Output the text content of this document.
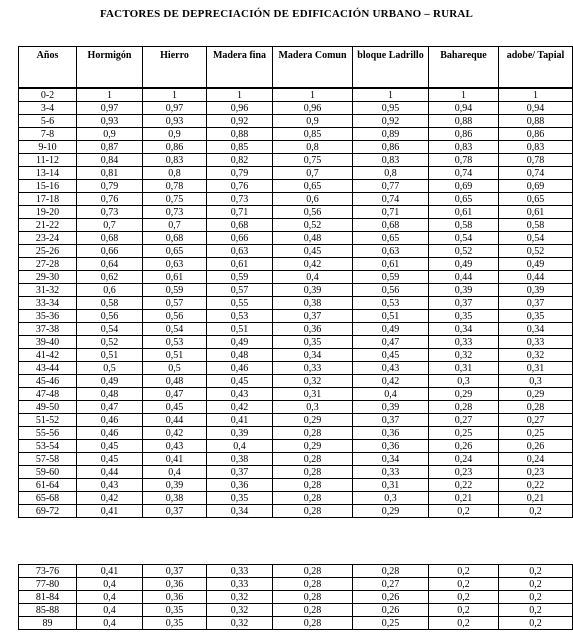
FACTORES DE DEPRECIACIÓN DE EDIFICACIÓN URBANO – RURAL
Años	Hormigón	Hierro	Madera fina	Madera Comun	bloque Ladrillo	Bahareque	adobe/ Tapial
0-2	1	1	1	1	1	1	1
3-4	0,97	0,97	0,96	0,96	0,95	0,94	0,94
5-6	0,93	0,93	0,92	0,9	0,92	0,88	0,88
7-8	0,9	0,9	0,88	0,85	0,89	0,86	0,86
9-10	0,87	0,86	0,85	0,8	0,86	0,83	0,83
11-12	0,84	0,83	0,82	0,75	0,83	0,78	0,78
13-14	0,81	0,8	0,79	0,7	0,8	0,74	0,74
15-16	0,79	0,78	0,76	0,65	0,77	0,69	0,69
17-18	0,76	0,75	0,73	0,6	0,74	0,65	0,65
19-20	0,73	0,73	0,71	0,56	0,71	0,61	0,61
21-22	0,7	0,7	0,68	0,52	0,68	0,58	0,58
23-24	0,68	0,68	0,66	0,48	0,65	0,54	0,54
25-26	0,66	0,65	0,63	0,45	0,63	0,52	0,52
27-28	0,64	0,63	0,61	0,42	0,61	0,49	0,49
29-30	0,62	0,61	0,59	0,4	0,59	0,44	0,44
31-32	0,6	0,59	0,57	0,39	0,56	0,39	0,39
33-34	0,58	0,57	0,55	0,38	0,53	0,37	0,37
35-36	0,56	0,56	0,53	0,37	0,51	0,35	0,35
37-38	0,54	0,54	0,51	0,36	0,49	0,34	0,34
39-40	0,52	0,53	0,49	0,35	0,47	0,33	0,33
41-42	0,51	0,51	0,48	0,34	0,45	0,32	0,32
43-44	0,5	0,5	0,46	0,33	0,43	0,31	0,31
45-46	0,49	0,48	0,45	0,32	0,42	0,3	0,3
47-48	0,48	0,47	0,43	0,31	0,4	0,29	0,29
49-50	0,47	0,45	0,42	0,3	0,39	0,28	0,28
51-52	0,46	0,44	0,41	0,29	0,37	0,27	0,27
55-56	0,46	0,42	0,39	0,28	0,36	0,25	0,25
53-54	0,45	0,43	0,4	0,29	0,36	0,26	0,26
57-58	0,45	0,41	0,38	0,28	0,34	0,24	0,24
59-60	0,44	0,4	0,37	0,28	0,33	0,23	0,23
61-64	0,43	0,39	0,36	0,28	0,31	0,22	0,22
65-68	0,42	0,38	0,35	0,28	0,3	0,21	0,21
69-72	0,41	0,37	0,34	0,28	0,29	0,2	0,2
73-76	0,41	0,37	0,33	0,28	0,28	0,2	0,2
77-80	0,4	0,36	0,33	0,28	0,27	0,2	0,2
81-84	0,4	0,36	0,32	0,28	0,26	0,2	0,2
85-88	0,4	0,35	0,32	0,28	0,26	0,2	0,2
89	0,4	0,35	0,32	0,28	0,25	0,2	0,2
